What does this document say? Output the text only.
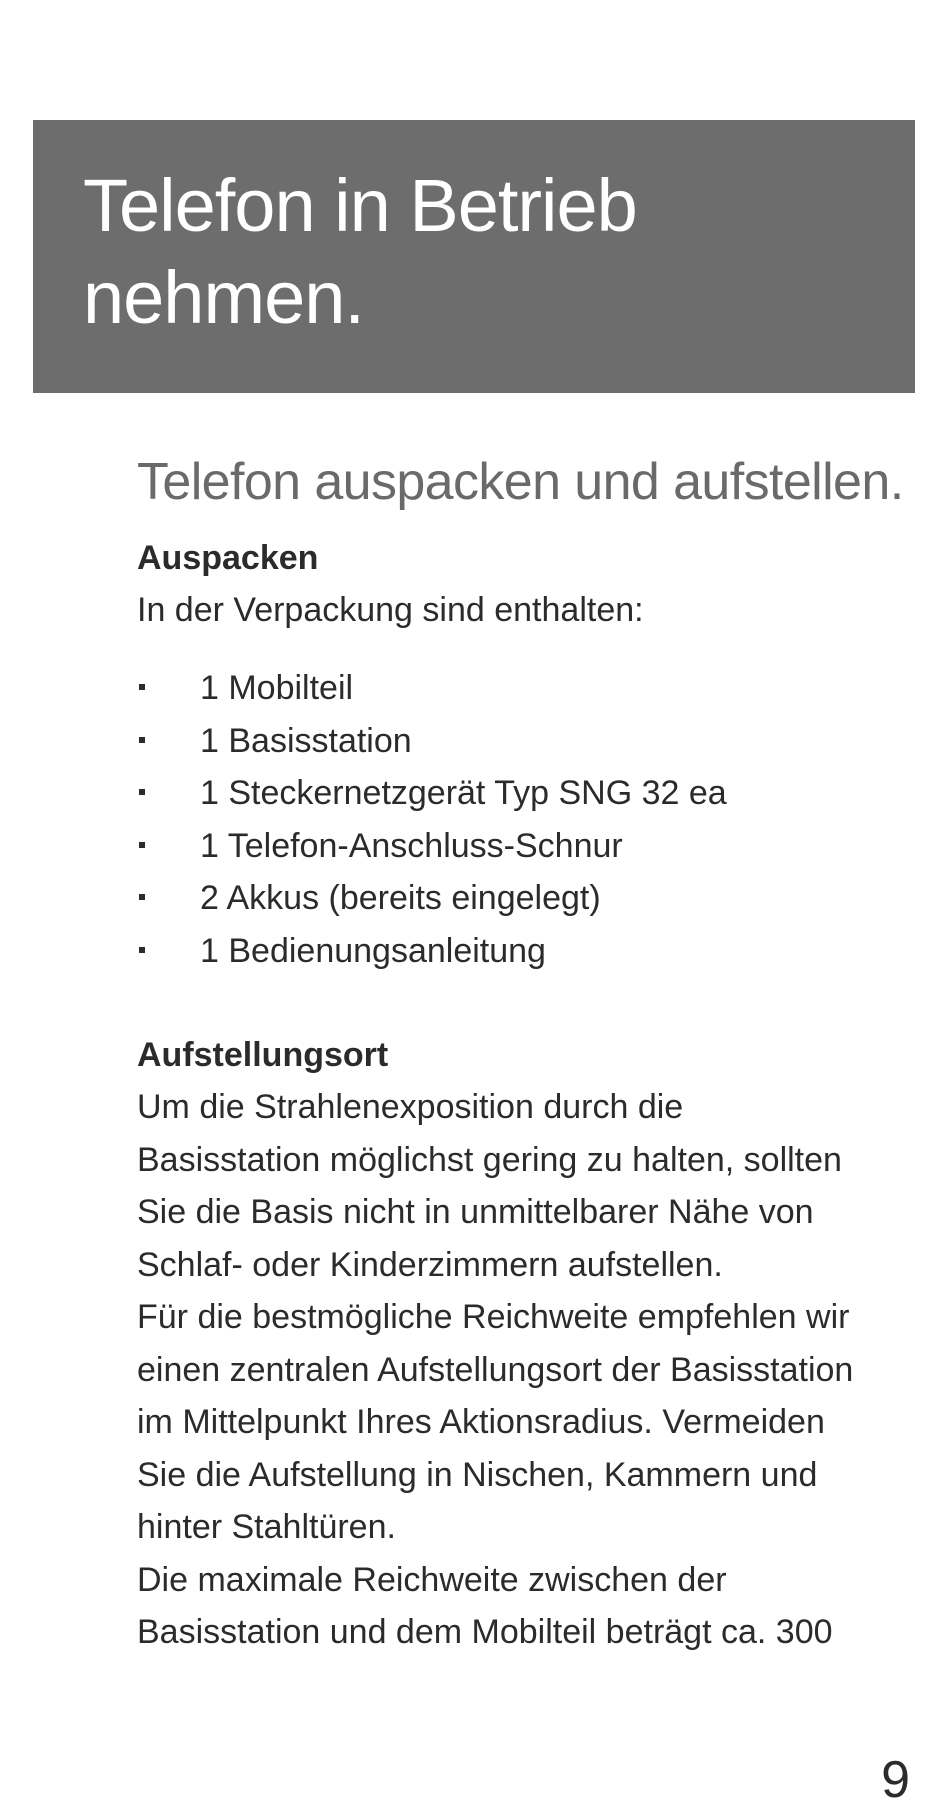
Telefon in Betrieb
nehmen.
Telefon auspacken und aufstellen.
Auspacken

In der Verpackung sind enthalten:

1 Mobilteil
1 Basisstation
1 Steckernetzgerät Typ SNG 32 ea
1 Telefon-Anschluss-Schnur
2 Akkus (bereits eingelegt)
1 Bedienungsanleitung
Aufstellungsort

Um die Strahlenexposition durch die
Basisstation möglichst gering zu halten, sollten
Sie die Basis nicht in unmittelbarer Nähe von
Schlaf- oder Kinderzimmern aufstellen.
Für die bestmögliche Reichweite empfehlen wir
einen zentralen Aufstellungsort der Basisstation
im Mittelpunkt Ihres Aktionsradius. Vermeiden
Sie die Aufstellung in Nischen, Kammern und
hinter Stahltüren.
Die maximale Reichweite zwischen der
Basisstation und dem Mobilteil beträgt ca. 300

9
